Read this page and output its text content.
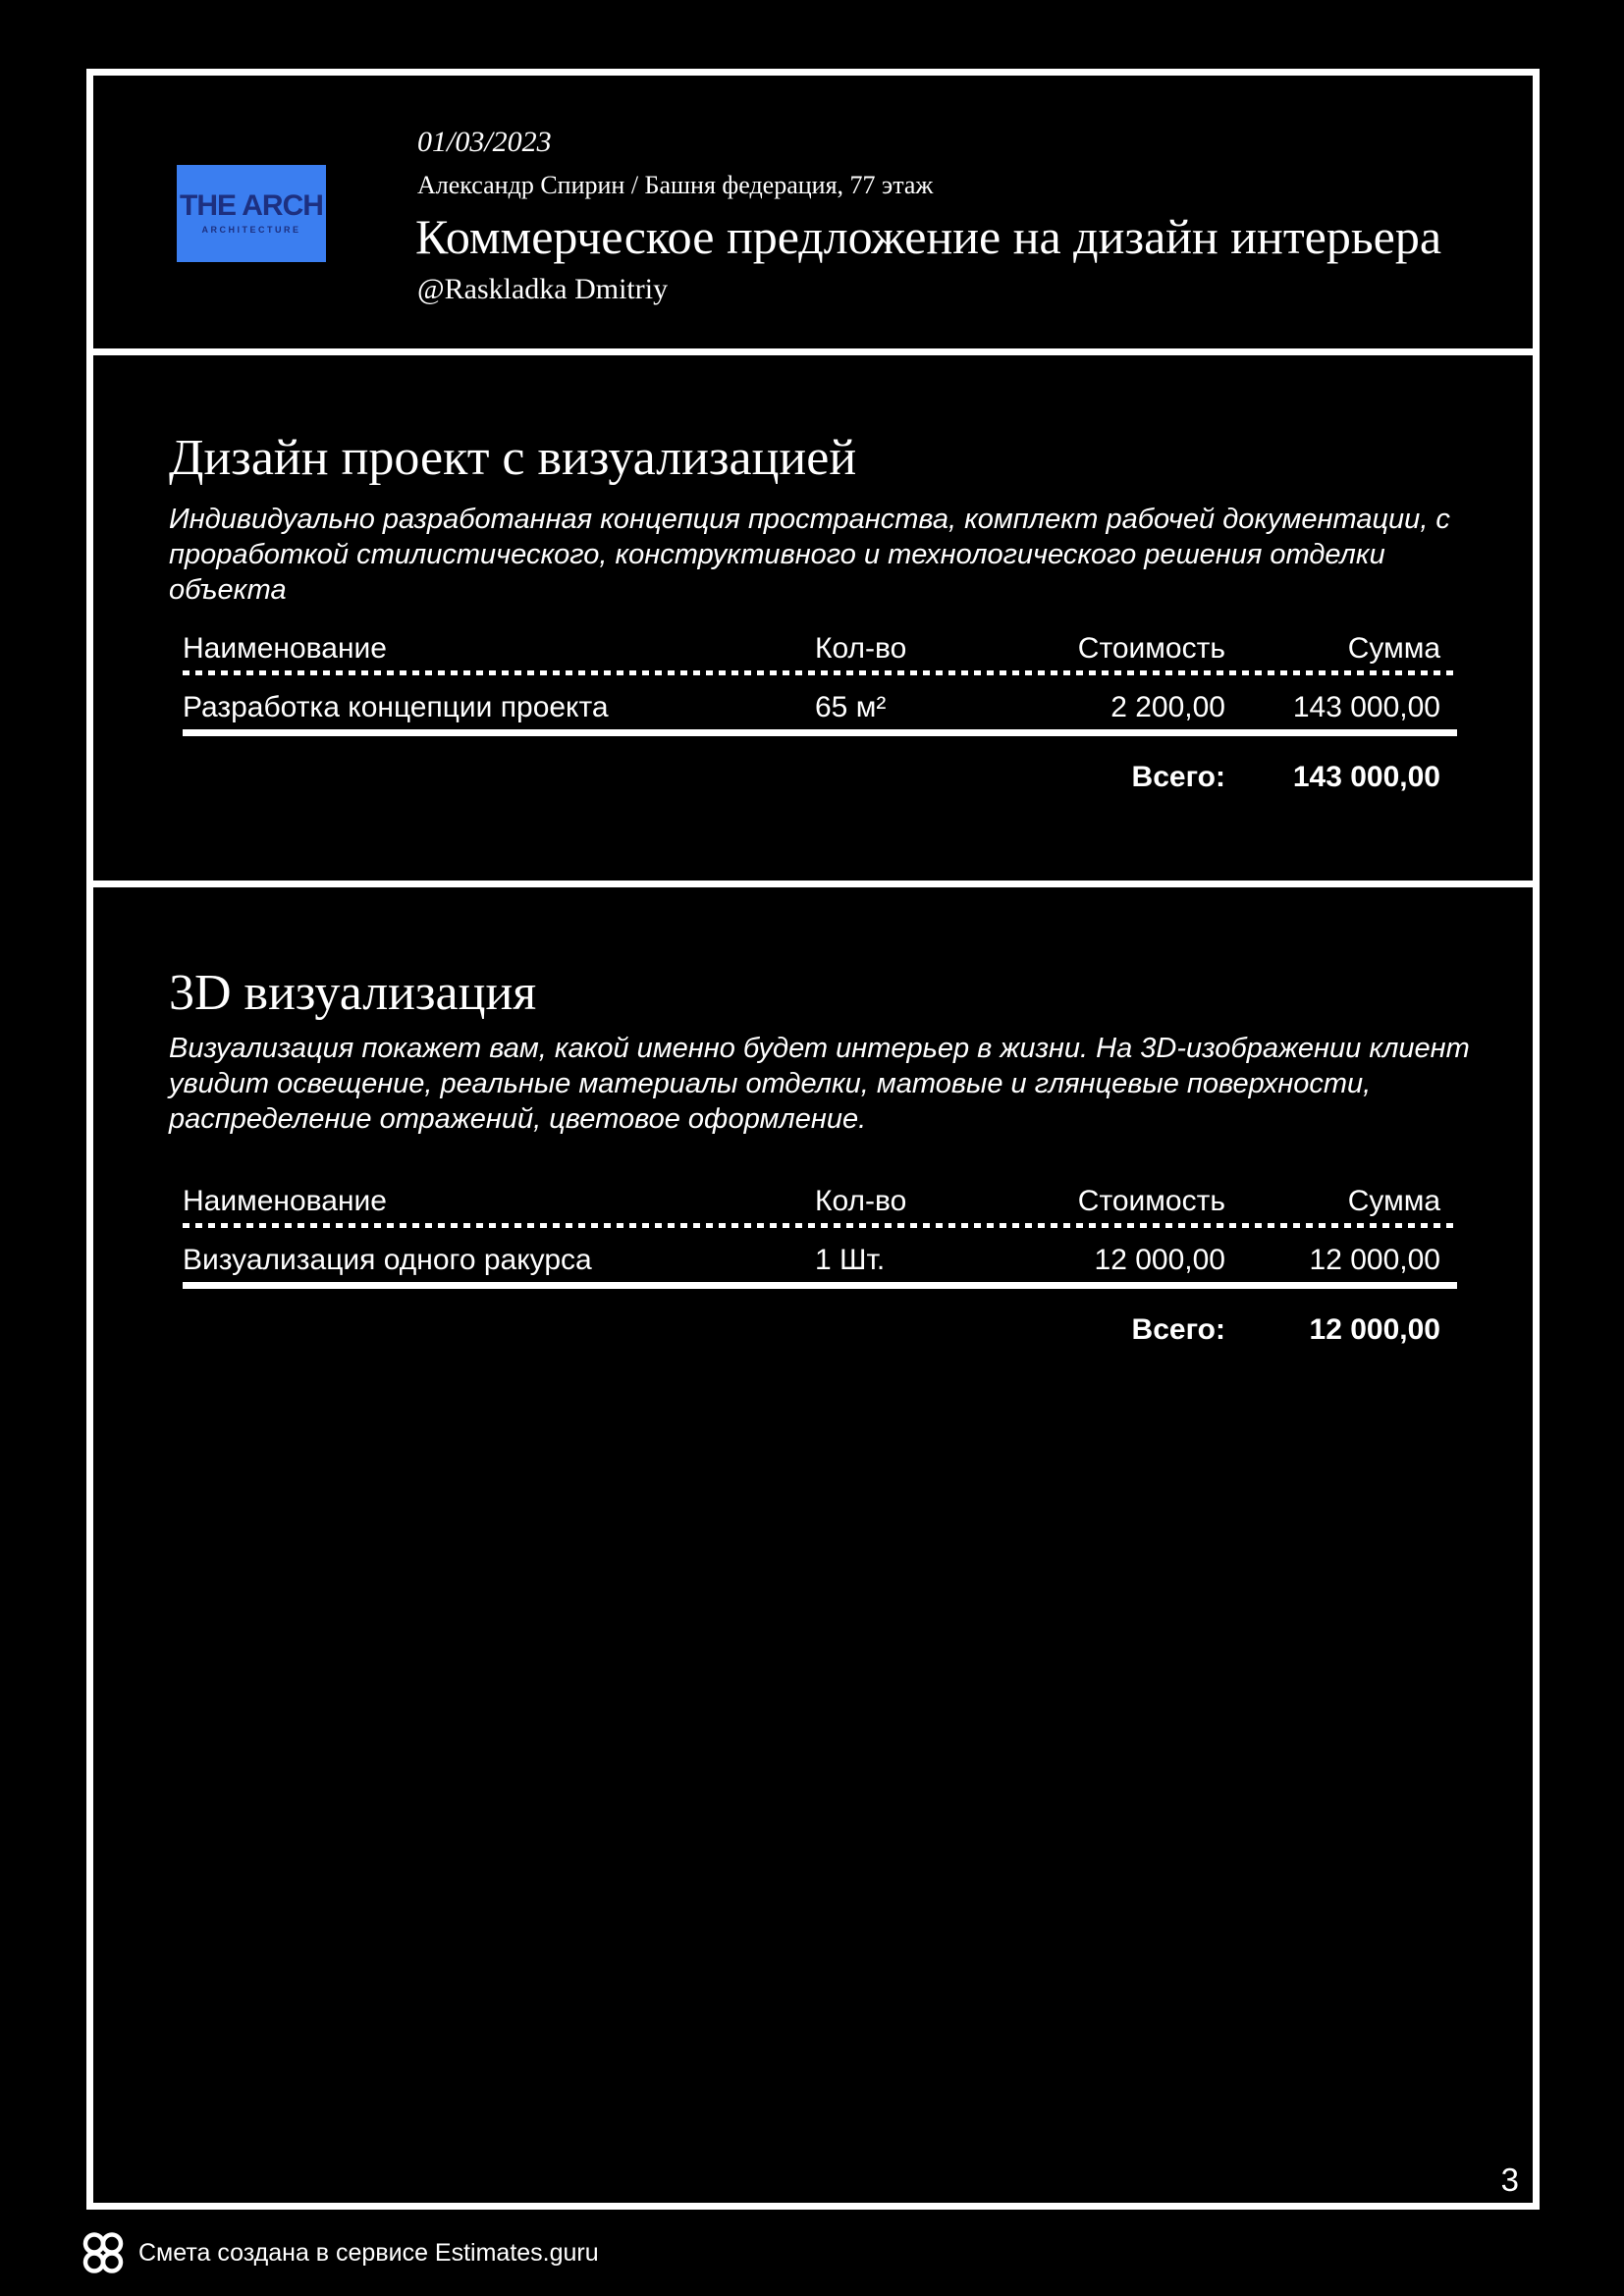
THE ARCH
ARCHITECTURE
01/03/2023
Александр Спирин / Башня федерация, 77 этаж
Коммерческое предложение на дизайн интерьера
@Raskladka Dmitriy
Дизайн проект с визуализацией
Индивидуально разработанная концепция пространства, комплект рабочей документации, с проработкой стилистического, конструктивного и технологического решения отделки объекта
Наименование	Кол-во	Стоимость	Сумма
Разработка концепции проекта	65 м²	2 200,00	143 000,00
Всего:	143 000,00
3D визуализация
Визуализация покажет вам, какой именно будет интерьер в жизни. На 3D-изображении клиент увидит освещение, реальные материалы отделки, матовые и глянцевые поверхности, распределение отражений, цветовое оформление.
Наименование	Кол-во	Стоимость	Сумма
Визуализация одного ракурса	1 Шт.	12 000,00	12 000,00
Всего:	12 000,00
3
Смета создана в сервисе Estimates.guru
